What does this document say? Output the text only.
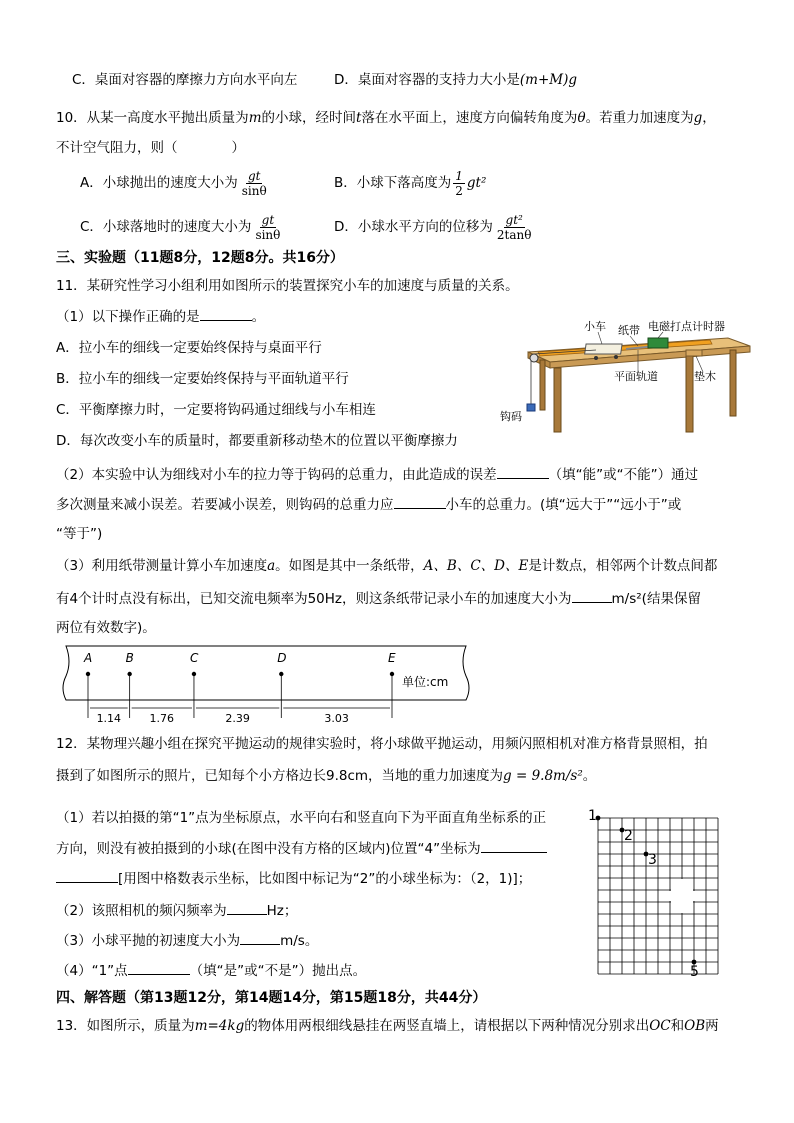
C．桌面对容器的摩擦力方向水平向左	D．桌面对容器的支持力大小是(m+M)g
10．从某一高度水平抛出质量为m的小球，经时间t落在水平面上，速度方向偏转角度为θ。若重力加速度为g，
不计空气阻力，则（　　　　）
A．小球抛出的速度大小为 $\frac{gt}{\sin\theta}$	B．小球下落高度为 $\frac{1}{2} gt^2$
C．小球落地时的速度大小为 $\frac{gt}{\sin\theta}$	D．小球水平方向的位移为 $\frac{\text{gt²}}{2\tan\theta}$
三、实验题（11题8分，12题8分。共16分）
11．某研究性学习小组利用如图所示的装置探究小车的加速度与质量的关系。
（1）以下操作正确的是	。
A．拉小车的细线一定要始终保持与桌面平行
B．拉小车的细线一定要始终保持与平面轨道平行
C．平衡摩擦力时，一定要将钩码通过细线与小车相连
D．每次改变小车的质量时，都要重新移动垫木的位置以平衡摩擦力
小车 纸带 电磁打点计时器
平面轨道	垫木
钩码
（2）本实验中认为细线对小车的拉力等于钩码的总重力，由此造成的误差	（填“能”或“不能”）通过
多次测量来减小误差。若要减小误差，则钩码的总重力应	小车的总重力。(填“远大于”“远小于”或
“等于”)
（3）利用纸带测量计算小车加速度a。如图是其中一条纸带，A、B、C、D、E是计数点，相邻两个计数点间都
有4个计时点没有标出，已知交流电频率为50Hz，则这条纸带记录小车的加速度大小为	m/s²(结果保留
两位有效数字)。
A	B	C	D	E
单位:cm
1.14	1.76	2.39	3.03
12．某物理兴趣小组在探究平抛运动的规律实验时，将小球做平抛运动，用频闪照相机对准方格背景照相，拍
摄到了如图所示的照片，已知每个小方格边长9.8cm，当地的重力加速度为g = 9.8m/s²。
（1）若以拍摄的第“1”点为坐标原点，水平向右和竖直向下为平面直角坐标系的正
方向，则没有被拍摄到的小球(在图中没有方格的区域内)位置“4”坐标为
[用图中格数表示坐标，比如图中标记为“2”的小球坐标为：（2，1)]；
（2）该照相机的频闪频率为	Hz；
（3）小球平抛的初速度大小为	m/s。
（4）“1”点	（填“是”或“不是”）抛出点。
1
2
3
5
四、解答题（第13题12分，第14题14分，第15题18分，共44分）
13．如图所示，质量为m=4kg的物体用两根细线悬挂在两竖直墙上，请根据以下两种情况分别求出OC和OB两
